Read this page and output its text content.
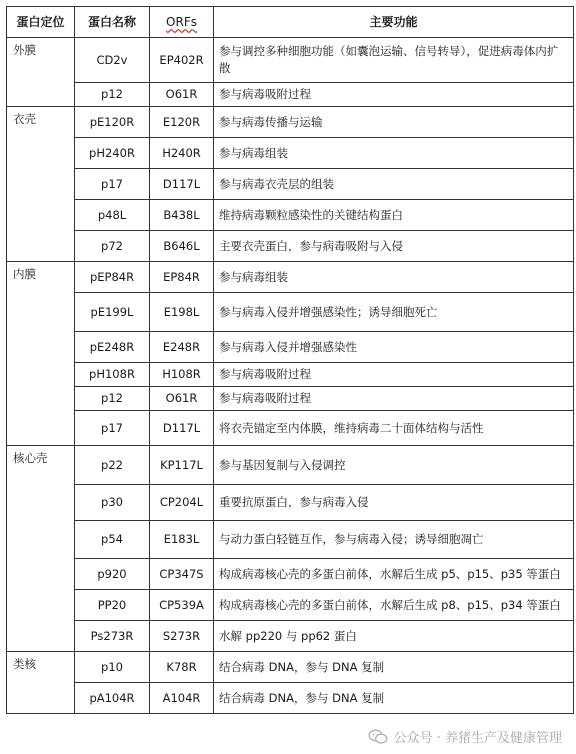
蛋白定位	蛋白名称	ORFs	主要功能
外膜	CD2v	EP402R	参与调控多种细胞功能（如囊泡运输、信号转导），促进病毒体内扩散
	p12	O61R	参与病毒吸附过程
衣壳	pE120R	E120R	参与病毒传播与运输
	pH240R	H240R	参与病毒组装
	p17	D117L	参与病毒衣壳层的组装
	p48L	B438L	维持病毒颗粒感染性的关键结构蛋白
	p72	B646L	主要衣壳蛋白，参与病毒吸附与入侵
内膜	pEP84R	EP84R	参与病毒组装
	pE199L	E198L	参与病毒入侵并增强感染性；诱导细胞死亡
	pE248R	E248R	参与病毒入侵并增强感染性
	pH108R	H108R	参与病毒吸附过程
	p12	O61R	参与病毒吸附过程
	p17	D117L	将衣壳锚定至内体膜，维持病毒二十面体结构与活性
核心壳	p22	KP117L	参与基因复制与入侵调控
	p30	CP204L	重要抗原蛋白，参与病毒入侵
	p54	E183L	与动力蛋白轻链互作，参与病毒入侵；诱导细胞凋亡
	p920	CP347S	构成病毒核心壳的多蛋白前体，水解后生成 p5、p15、p35 等蛋白
	PP20	CP539A	构成病毒核心壳的多蛋白前体，水解后生成 p8、p15、p34 等蛋白
	Ps273R	S273R	水解 pp220 与 pp62 蛋白
类核	p10	K78R	结合病毒 DNA，参与 DNA 复制
	pA104R	A104R	结合病毒 DNA，参与 DNA 复制
公众号 · 养猪生产及健康管理
